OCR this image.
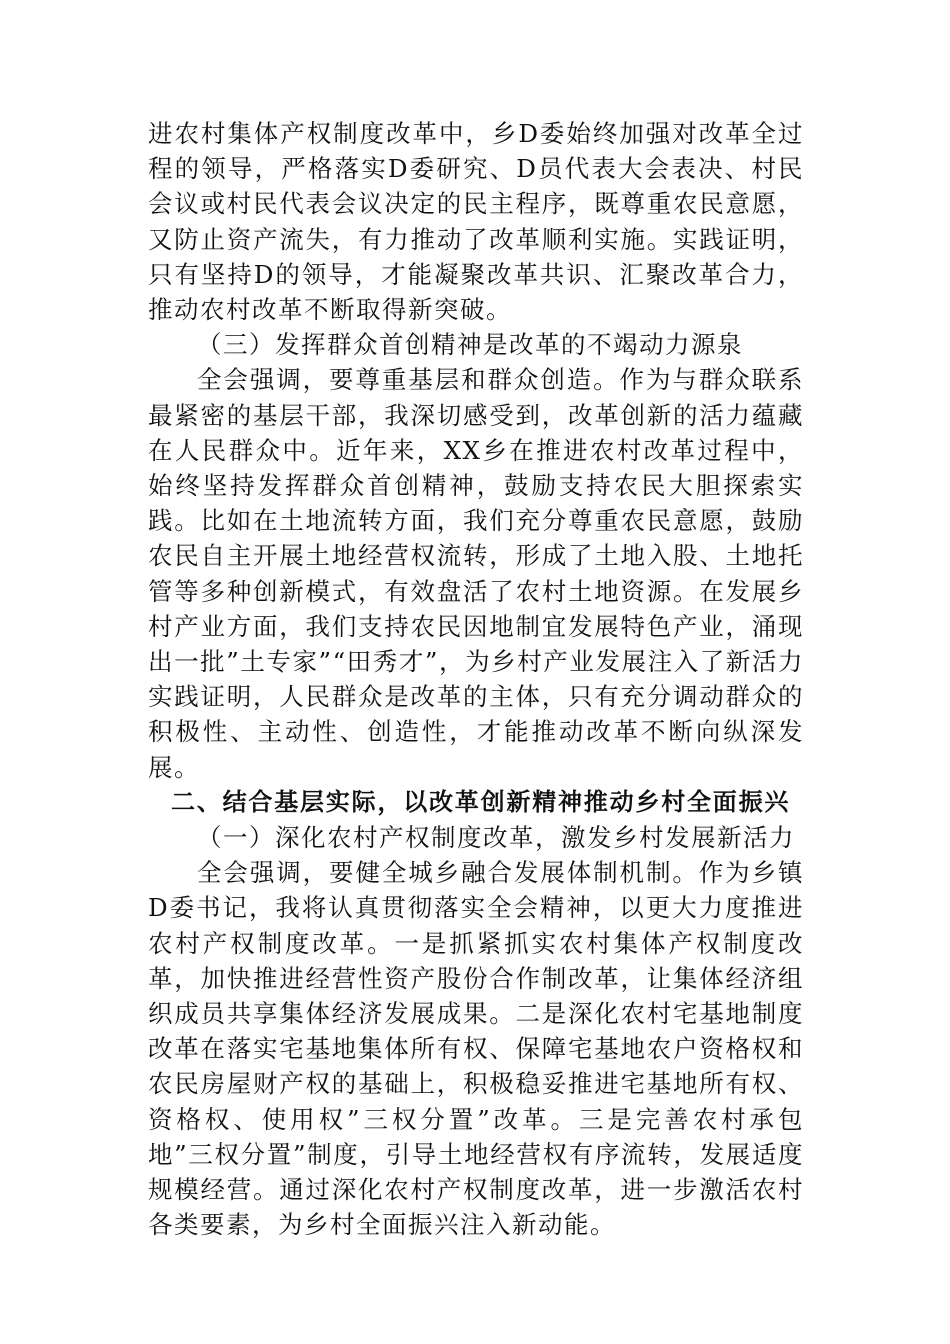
进农村集体产权制度改革中，乡D委始终加强对改革全过程的领导，严格落实D委研究、D员代表大会表决、村民会议或村民代表会议决定的民主程序，既尊重农民意愿，又防止资产流失，有力推动了改革顺利实施。实践证明，只有坚持D的领导，才能凝聚改革共识、汇聚改革合力，推动农村改革不断取得新突破。

（三）发挥群众首创精神是改革的不竭动力源泉

全会强调，要尊重基层和群众创造。作为与群众联系最紧密的基层干部，我深切感受到，改革创新的活力蕴藏在人民群众中。近年来，XX乡在推进农村改革过程中，始终坚持发挥群众首创精神，鼓励支持农民大胆探索实践。比如在土地流转方面，我们充分尊重农民意愿，鼓励农民自主开展土地经营权流转，形成了土地入股、土地托管等多种创新模式，有效盘活了农村土地资源。在发展乡村产业方面，我们支持农民因地制宜发展特色产业，涌现出一批”土专家”“田秀才”，为乡村产业发展注入了新活力实践证明，人民群众是改革的主体，只有充分调动群众的积极性、主动性、创造性，才能推动改革不断向纵深发展。

二、结合基层实际，以改革创新精神推动乡村全面振兴

（一）深化农村产权制度改革，激发乡村发展新活力

全会强调，要健全城乡融合发展体制机制。作为乡镇D委书记，我将认真贯彻落实全会精神，以更大力度推进农村产权制度改革。一是抓紧抓实农村集体产权制度改革，加快推进经营性资产股份合作制改革，让集体经济组织成员共享集体经济发展成果。二是深化农村宅基地制度改革在落实宅基地集体所有权、保障宅基地农户资格权和农民房屋财产权的基础上，积极稳妥推进宅基地所有权、资格权、使用权”三权分置”改革。三是完善农村承包地”三权分置”制度，引导土地经营权有序流转，发展适度规模经营。通过深化农村产权制度改革，进一步激活农村各类要素，为乡村全面振兴注入新动能。
